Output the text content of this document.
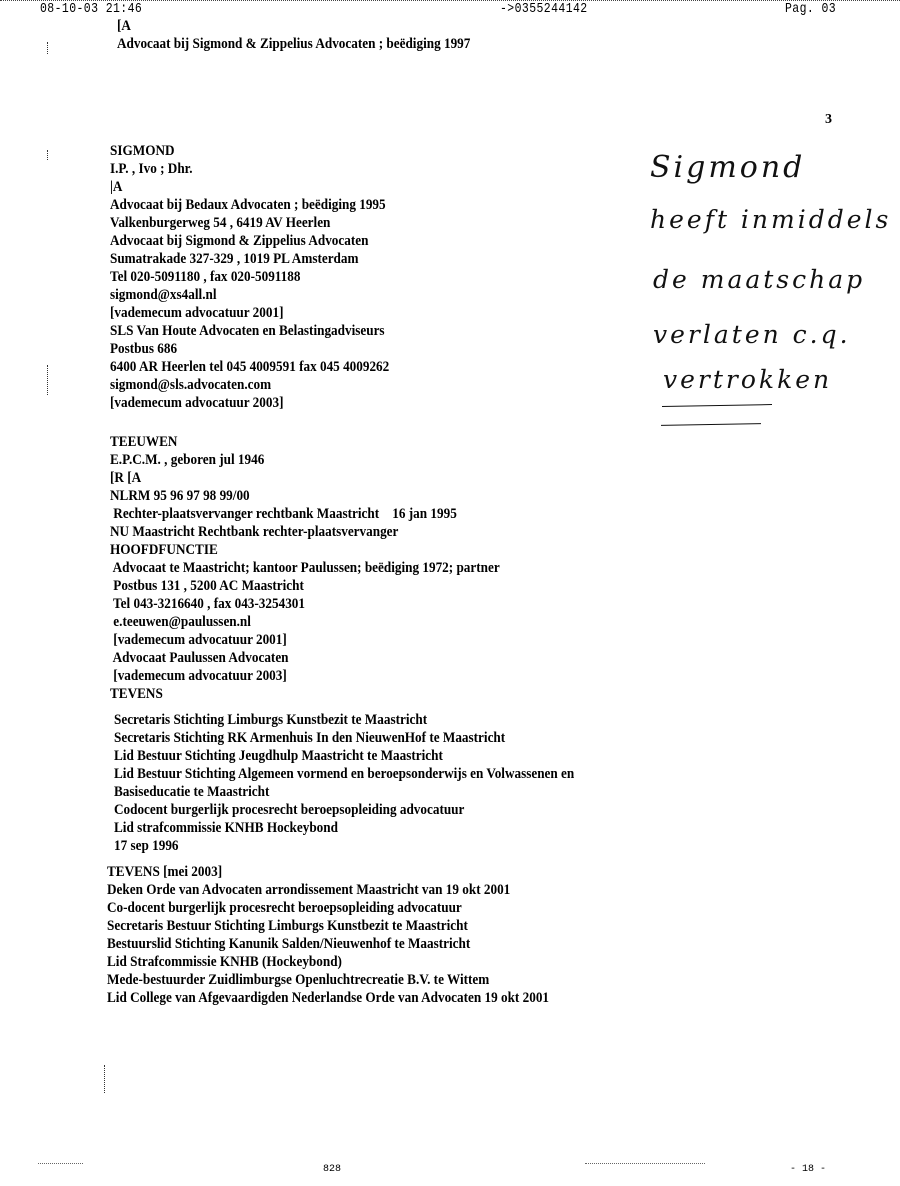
08-10-03 21:46	->0355244142	Pag. 03
[A
Advocaat bij Sigmond & Zippelius Advocaten ; beëdiging 1997
3
SIGMOND
I.P. , Ivo ; Dhr.
|A
Advocaat bij Bedaux Advocaten ; beëdiging 1995
Valkenburgerweg 54 , 6419 AV Heerlen
Advocaat bij Sigmond & Zippelius Advocaten
Sumatrakade 327-329 , 1019 PL Amsterdam
Tel 020-5091180 , fax 020-5091188
sigmond@xs4all.nl
[vademecum advocatuur 2001]
SLS Van Houte Advocaten en Belastingadviseurs
Postbus 686
6400 AR Heerlen tel 045 4009591 fax 045 4009262
sigmond@sls.advocaten.com
[vademecum advocatuur 2003]
TEEUWEN
E.P.C.M. , geboren jul 1946
[R [A
NLRM 95 96 97 98 99/00
Rechter-plaatsvervanger rechtbank Maastricht    16 jan 1995
NU Maastricht Rechtbank rechter-plaatsvervanger
HOOFDFUNCTIE
Advocaat te Maastricht; kantoor Paulussen; beëdiging 1972; partner
Postbus 131 , 5200 AC Maastricht
Tel 043-3216640 , fax 043-3254301
e.teeuwen@paulussen.nl
[vademecum advocatuur 2001]
Advocaat Paulussen Advocaten
[vademecum advocatuur 2003]
TEVENS
Secretaris Stichting Limburgs Kunstbezit te Maastricht
Secretaris Stichting RK Armenhuis In den NieuwenHof te Maastricht
Lid Bestuur Stichting Jeugdhulp Maastricht te Maastricht
Lid Bestuur Stichting Algemeen vormend en beroepsonderwijs en Volwassenen en
Basiseducatie te Maastricht
Codocent burgerlijk procesrecht beroepsopleiding advocatuur
Lid strafcommissie KNHB Hockeybond
17 sep 1996
TEVENS [mei 2003]
Deken Orde van Advocaten arrondissement Maastricht van 19 okt 2001
Co-docent burgerlijk procesrecht beroepsopleiding advocatuur
Secretaris Bestuur Stichting Limburgs Kunstbezit te Maastricht
Bestuurslid Stichting Kanunik Salden/Nieuwenhof te Maastricht
Lid Strafcommissie KNHB (Hockeybond)
Mede-bestuurder Zuidlimburgse Openluchtrecreatie B.V. te Wittem
Lid College van Afgevaardigden Nederlandse Orde van Advocaten 19 okt 2001
Sigmond
heeft inmiddels
de maatschap
verlaten c.q.
vertrokken
828	- 18 -
